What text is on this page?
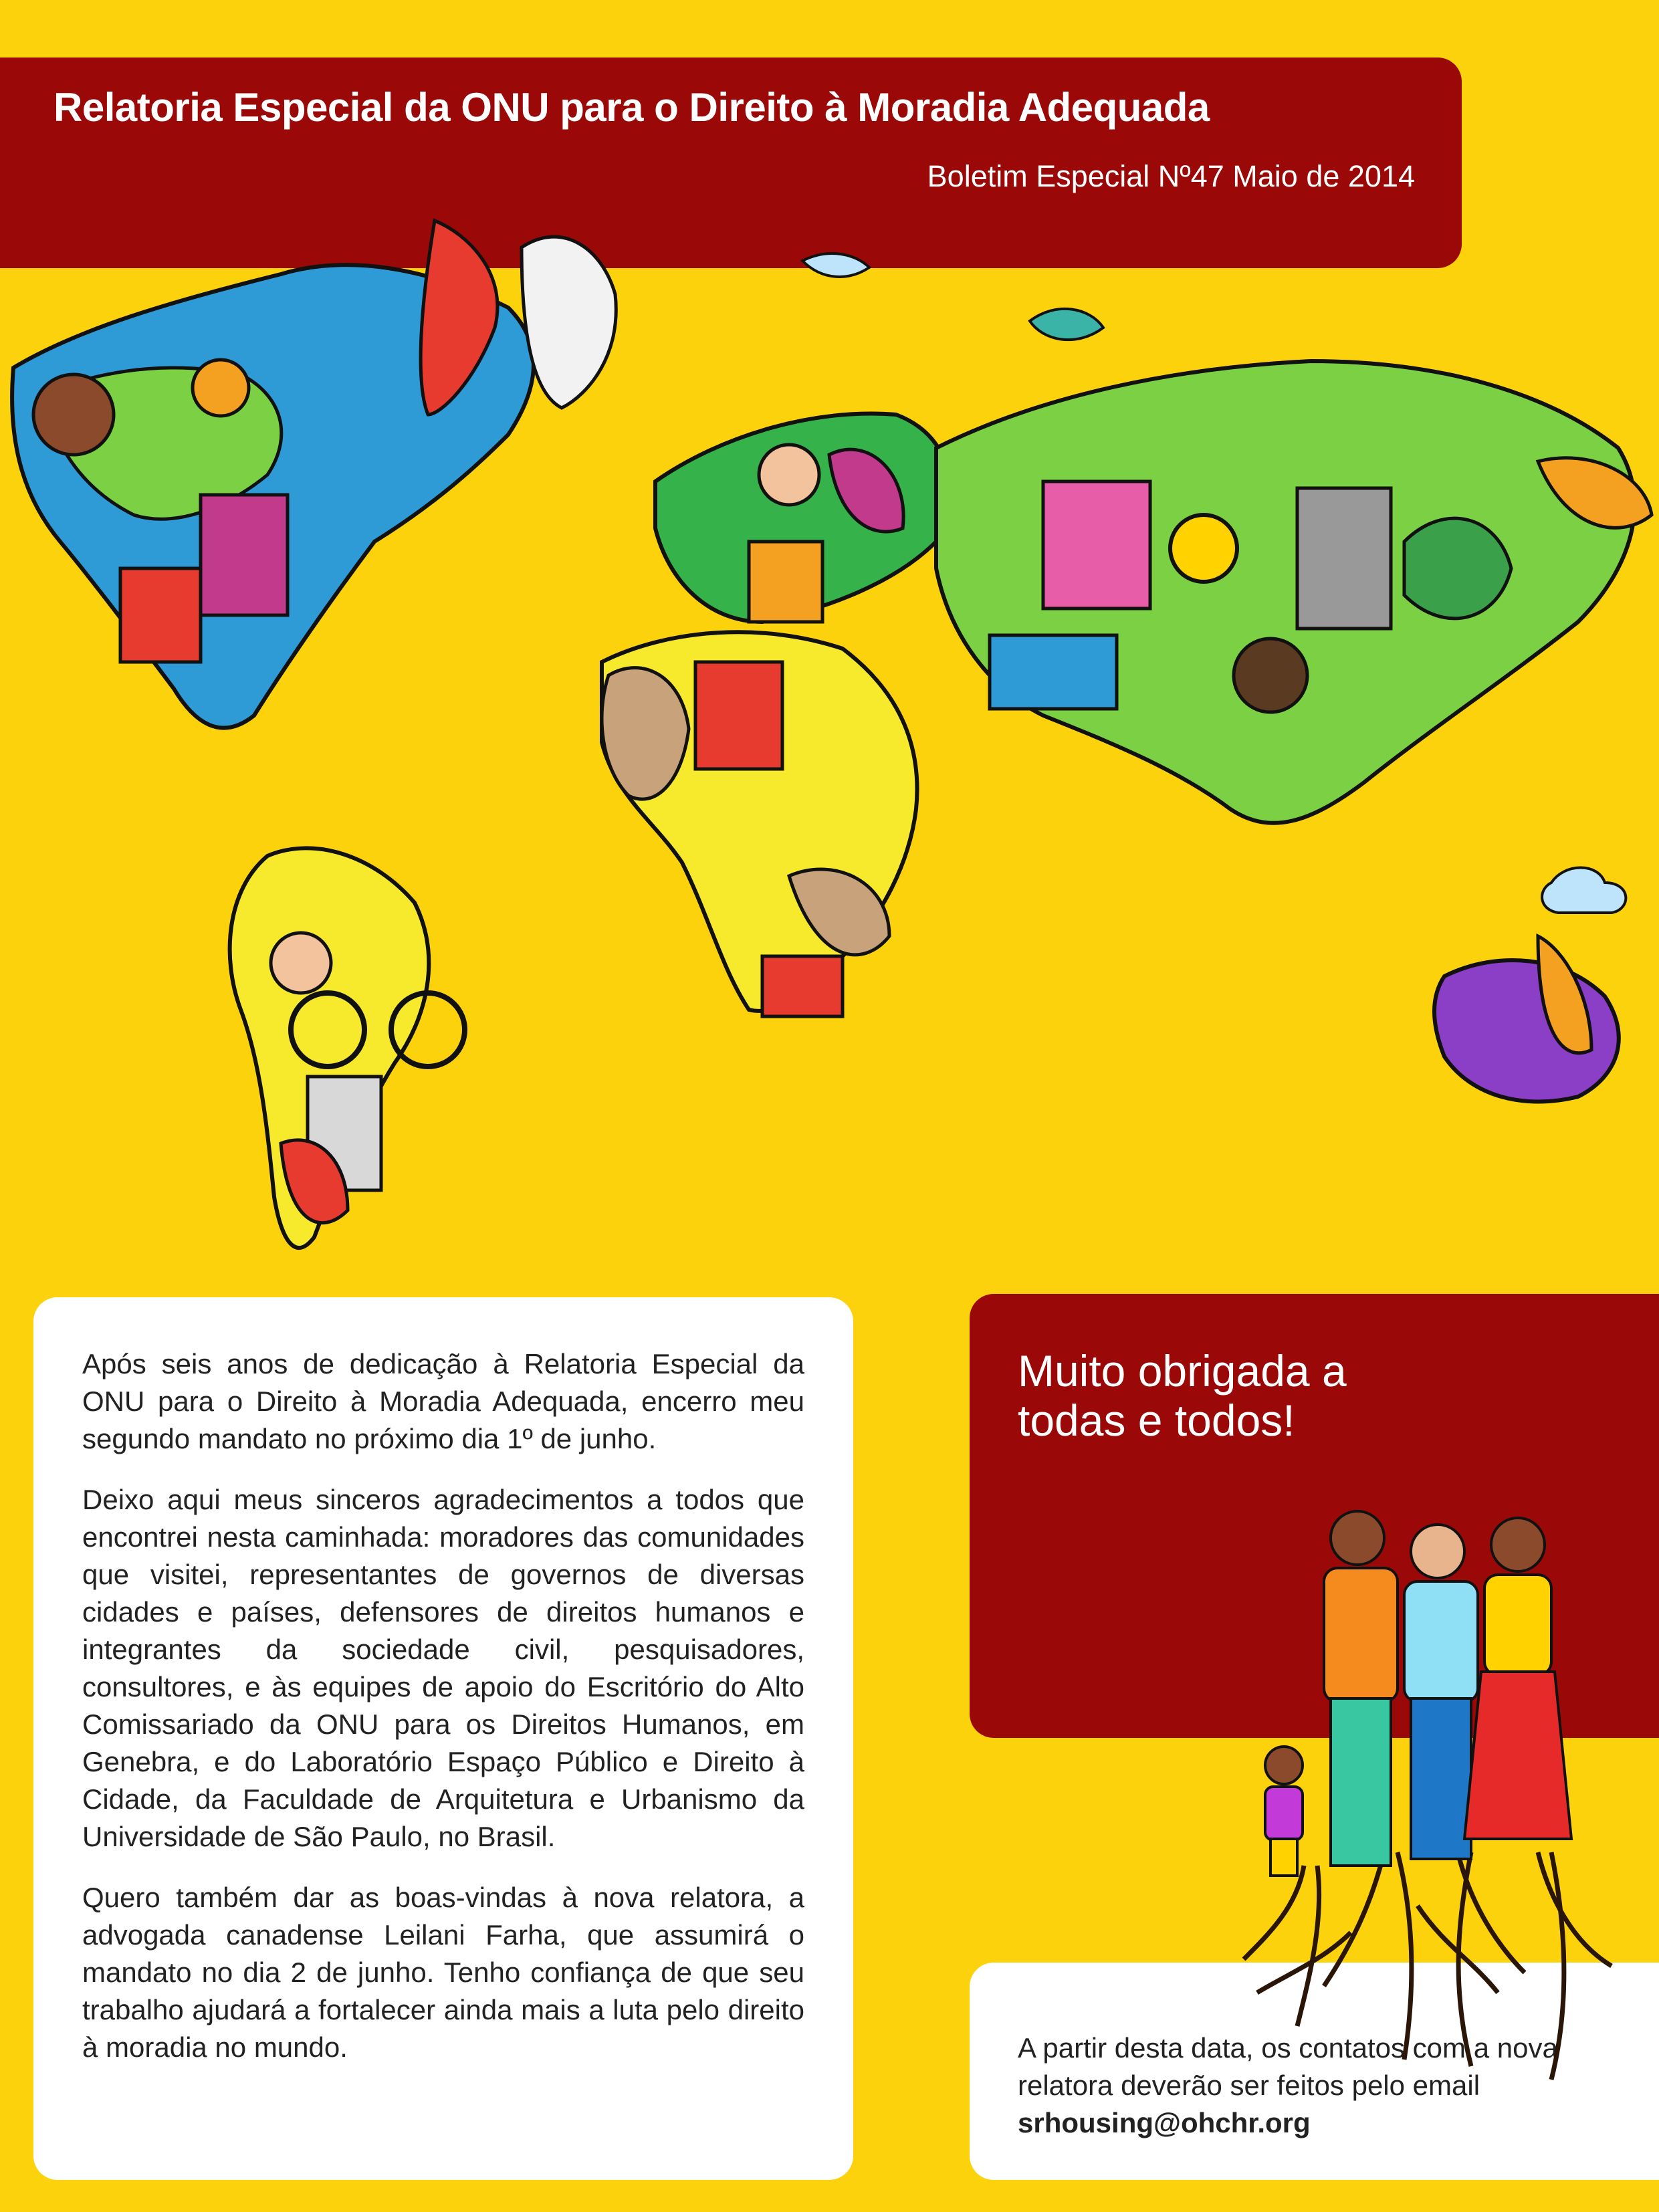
Relatoria Especial da ONU para o Direito à Moradia Adequada
Boletim Especial Nº47 Maio de 2014

Após seis anos de dedicação à Relatoria Especial da ONU para o Direito à Moradia Adequada, encerro meu segundo mandato no próximo dia 1º de junho.

Deixo aqui meus sinceros agradecimentos a todos que encontrei nesta caminhada: moradores das comunidades que visitei, representantes de governos de diversas cidades e países, defensores de direitos humanos e integrantes da sociedade civil, pesquisadores, consultores, e às equipes de apoio do Escritório do Alto Comissariado da ONU para os Direitos Humanos, em Genebra, e do Laboratório Espaço Público e Direito à Cidade, da Faculdade de Arquitetura e Urbanismo da Universidade de São Paulo, no Brasil.

Quero também dar as boas-vindas à nova relatora, a advogada canadense Leilani Farha, que assumirá o mandato no dia 2 de junho. Tenho confiança de que seu trabalho ajudará a fortalecer ainda mais a luta pelo direito à moradia no mundo.

Muito obrigada a todas e todos!
A partir desta data, os contatos com a nova relatora deverão ser feitos pelo email srhousing@ohchr.org
